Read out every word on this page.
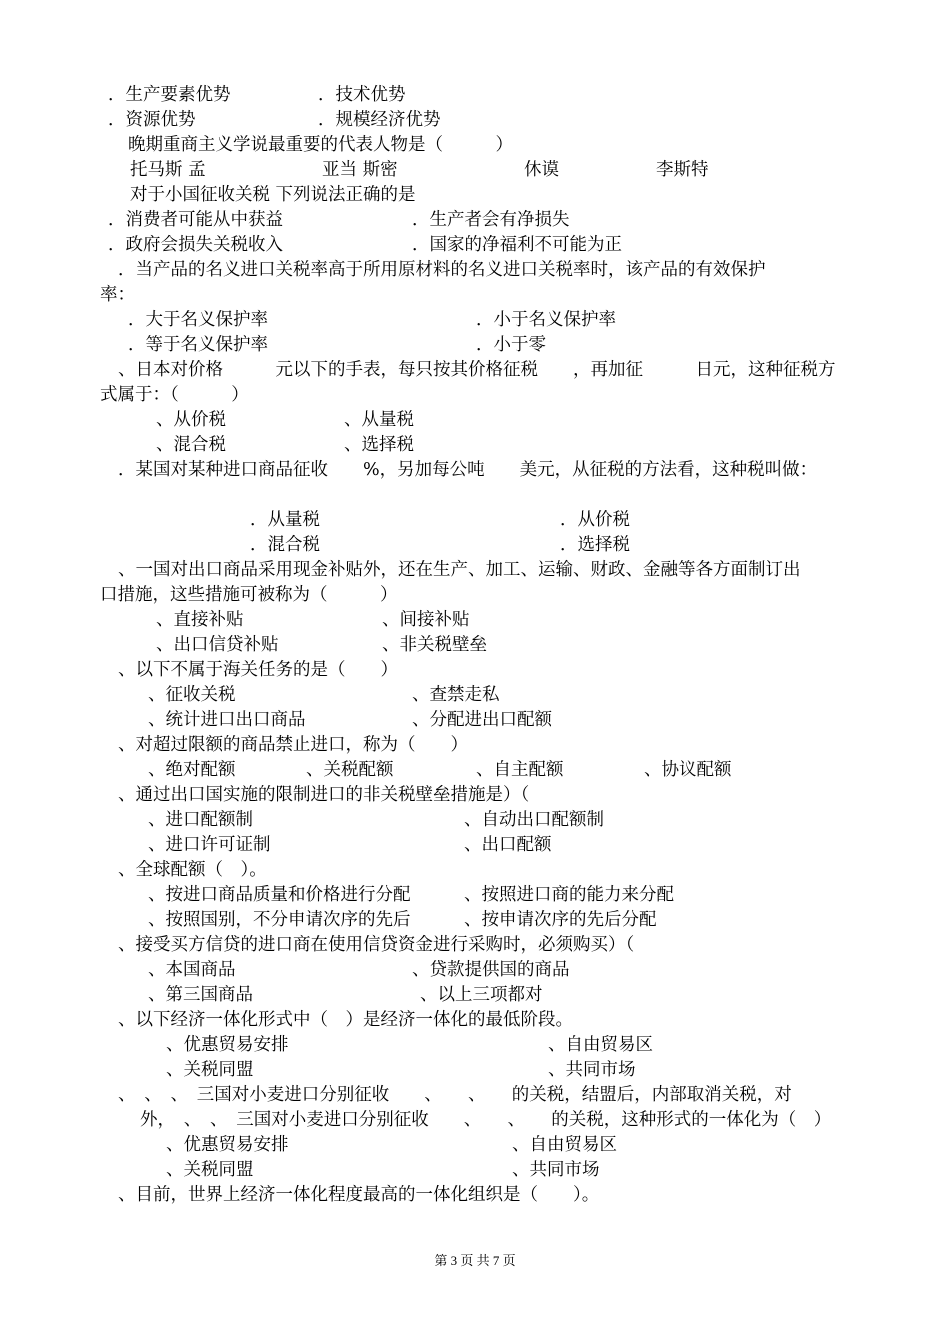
．生产要素优势	．技术优势
．资源优势	．规模经济优势
晚期重商主义学说最重要的代表人物是（　　　）
托马斯 孟	亚当 斯密	休谟	李斯特
对于小国征收关税 下列说法正确的是
．消费者可能从中获益	．生产者会有净损失
．政府会损失关税收入	．国家的净福利不可能为正
．当产品的名义进口关税率高于所用原材料的名义进口关税率时，该产品的有效保护
率：
．大于名义保护率	．小于名义保护率
．等于名义保护率	．小于零
、日本对价格　　　元以下的手表，每只按其价格征税　　，再加征　　　日元，这种征税方
式属于：（　　　）
、从价税	、从量税
、混合税	、选择税
．某国对某种进口商品征收　　%，另加每公吨　　美元，从征税的方法看，这种税叫做：
．从量税	．从价税
．混合税	．选择税
、一国对出口商品采用现金补贴外，还在生产、加工、运输、财政、金融等各方面制订出
口措施，这些措施可被称为（　　　）
、直接补贴	、间接补贴
、出口信贷补贴	、非关税壁垒
、以下不属于海关任务的是（　　）
、征收关税	、查禁走私
、统计进口出口商品	、分配进出口配额
、对超过限额的商品禁止进口，称为（　　）
、绝对配额	、关税配额	、自主配额	、协议配额
、通过出口国实施的限制进口的非关税壁垒措施是）（
、进口配额制	、自动出口配额制
、进口许可证制	、出口配额
、全球配额（　）。
、按进口商品质量和价格进行分配	、按照进口商的能力来分配
、按照国别，不分申请次序的先后	、按申请次序的先后分配
、接受买方信贷的进口商在使用信贷资金进行采购时，必须购买）（
、本国商品	、贷款提供国的商品
、第三国商品	、以上三项都对
、以下经济一体化形式中（　）是经济一体化的最低阶段。
、优惠贸易安排	、自由贸易区
、关税同盟	、共同市场
、　、　、　三国对小麦进口分别征收　　、　　、　　的关税，结盟后，内部取消关税，对
外，　、　、　三国对小麦进口分别征收　　、　　、　　的关税，这种形式的一体化为（　）
、优惠贸易安排	、自由贸易区
、关税同盟	、共同市场
、目前，世界上经济一体化程度最高的一体化组织是（　　）。
第 3 页 共 7 页
